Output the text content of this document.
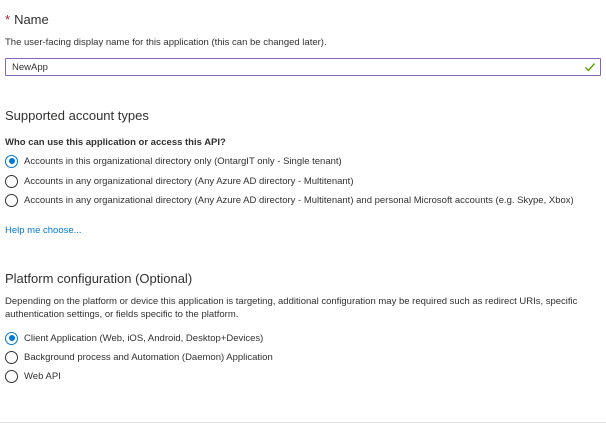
* Name
The user-facing display name for this application (this can be changed later).
NewApp
Supported account types
Who can use this application or access this API?
Accounts in this organizational directory only (OntargIT only - Single tenant)
Accounts in any organizational directory (Any Azure AD directory - Multitenant)
Accounts in any organizational directory (Any Azure AD directory - Multitenant) and personal Microsoft accounts (e.g. Skype, Xbox)
Help me choose...
Platform configuration (Optional)
Depending on the platform or device this application is targeting, additional configuration may be required such as redirect URIs, specific
authentication settings, or fields specific to the platform.
Client Application (Web, iOS, Android, Desktop+Devices)
Background process and Automation (Daemon) Application
Web API
